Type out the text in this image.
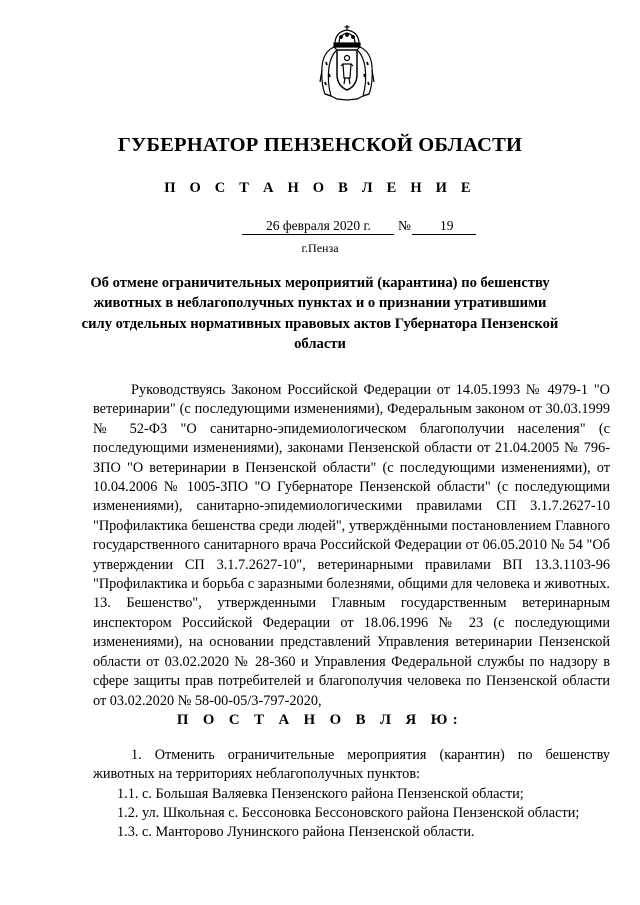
ГУБЕРНАТОР ПЕНЗЕНСКОЙ ОБЛАСТИ
П О С Т А Н О В Л Е Н И Е
26 февраля 2020 г.	№	19
г.Пенза
Об отмене ограничительных мероприятий (карантина) по бешенству животных в неблагополучных пунктах и о признании утратившими силу отдельных нормативных правовых актов Губернатора Пензенской области

Руководствуясь Законом Российской Федерации от 14.05.1993 № 4979-1 "О ветеринарии" (с последующими изменениями), Федеральным законом от 30.03.1999 № 52-ФЗ "О санитарно-эпидемиологическом благополучии населения" (с последующими изменениями), законами Пензенской области от 21.04.2005 № 796-ЗПО "О ветеринарии в Пензенской области" (с последующими изменениями), от 10.04.2006 № 1005-ЗПО "О Губернаторе Пензенской области" (с последующими изменениями), санитарно-эпидемиологическими правилами СП 3.1.7.2627-10 "Профилактика бешенства среди людей", утверждёнными постановлением Главного государственного санитарного врача Российской Федерации от 06.05.2010 № 54 "Об утверждении СП 3.1.7.2627-10", ветеринарными правилами ВП 13.3.1103-96 "Профилактика и борьба с заразными болезнями, общими для человека и животных. 13. Бешенство", утвержденными Главным государственным ветеринарным инспектором Российской Федерации от 18.06.1996 № 23 (с последующими изменениями), на основании представлений Управления ветеринарии Пензенской области от 03.02.2020 № 28-360 и Управления Федеральной службы по надзору в сфере защиты прав потребителей и благополучия человека по Пензенской области от 03.02.2020 № 58-00-05/3-797-2020,

П О С Т А Н О В Л Я Ю:

1. Отменить ограничительные мероприятия (карантин) по бешенству животных на территориях неблагополучных пунктов:

1.1. с. Большая Валяевка Пензенского района Пензенской области;

1.2. ул. Школьная с. Бессоновка Бессоновского района Пензенской области;

1.3. с. Манторово Лунинского района Пензенской области.
